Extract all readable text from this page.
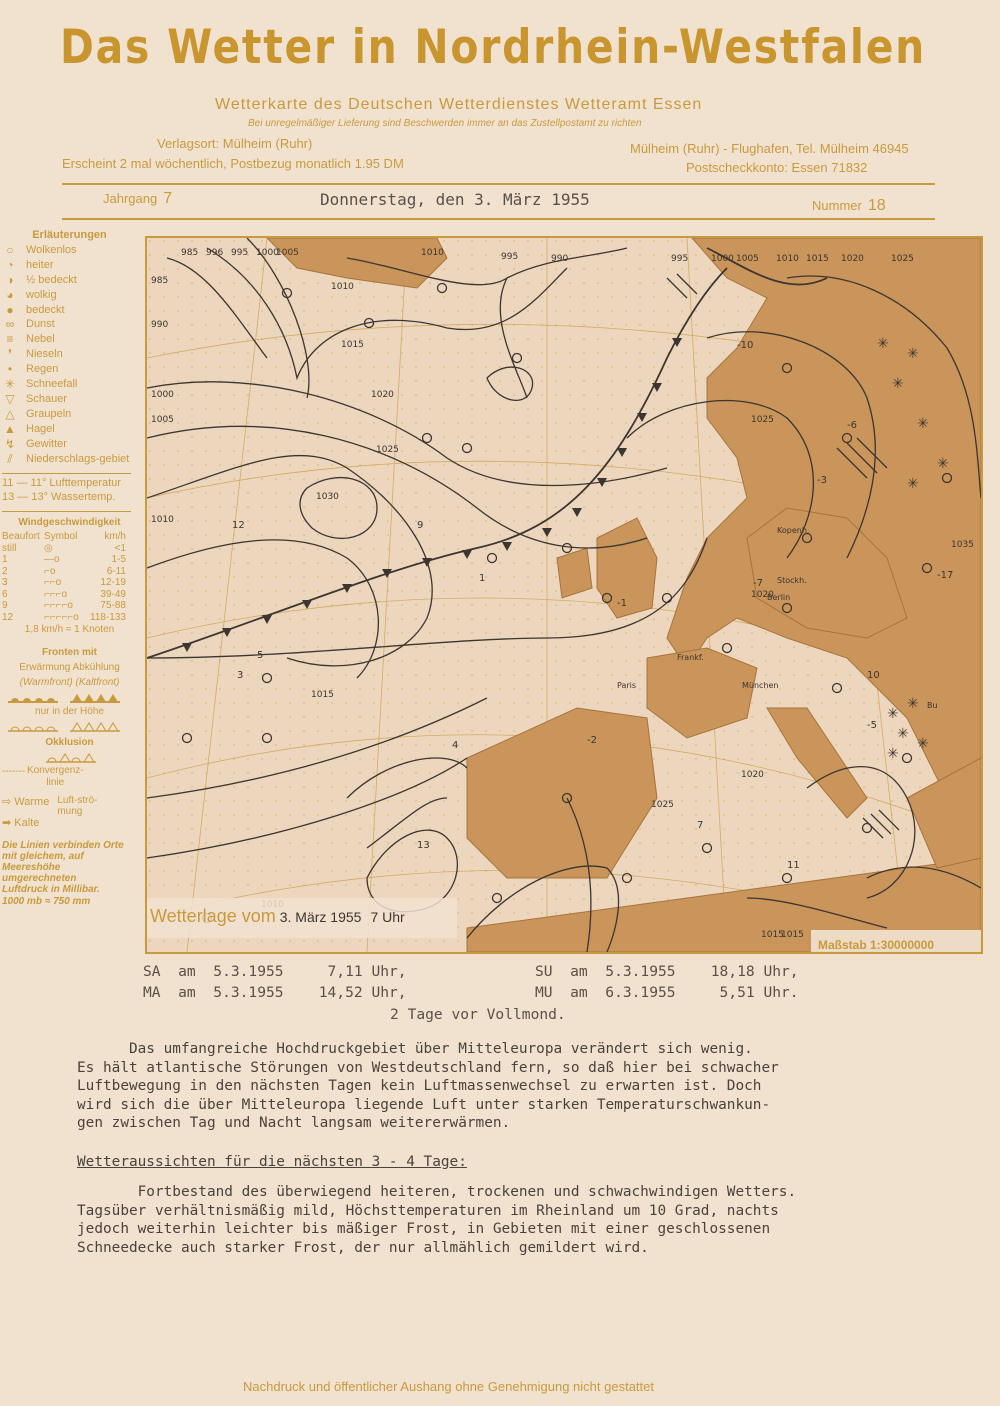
Das Wetter in Nordrhein-Westfalen
Wetterkarte des Deutschen Wetterdienstes Wetteramt Essen
Bei unregelmäßiger Lieferung sind Beschwerden immer an das Zustellpostamt zu richten
Verlagsort: Mülheim (Ruhr)
Erscheint 2 mal wöchentlich, Postbezug monatlich 1.95 DM
Mülheim (Ruhr) - Flughafen, Tel. Mülheim 46945
Postscheckkonto: Essen 71832
Jahrgang 7	Donnerstag, den 3. März 1955	Nummer 18
Erläuterungen
○	Wolkenlos
◔	heiter
◑	½ bedeckt
◕	wolkig
●	bedeckt
∞	Dunst
≡	Nebel
❜	Nieseln
•	Regen
✳ Schneefall
▽	Schauer
△	Graupeln
▲ Hagel
↯ Gewitter
⫽	Niederschlags-gebiet
11 — 11° Lufttemperatur
13 — 13° Wassertemp.
Windgeschwindigkeit
Beaufort Symbol	km/h
still	◎	<1
1	—o	1-5
2	⌐o	6-11
3	⌐⌐o	12-19
6	⌐⌐⌐o	39-49
9	⌐⌐⌐⌐o	75-88
12	⌐⌐⌐⌐⌐o	118-133
1,8 km/h ≈ 1 Knoten
Fronten mit
Erwärmung Abkühlung
(Warmfront) (Kaltfront)
nur in der Höhe
Okklusion
------- Konvergenz-linie
⇨ Warme
➡ Kalte
Luft-strö-mung
Die Linien verbinden Orte mit gleichem, auf Meereshöhe umgerechneten Luftdruck in Millibar.
1000 mb ≈ 750 mm
✳
✳
✳
✳
✳
✳
✳
✳
✳
✳
✳
985 996 995 1000
1005	1010	995	990	995	1000 1005 1010 1015 1020	1025
985
1010
990
1015
1000	1020
1005
1025
1030
1010
1015
1020
1025
1035
1025
1020
1015
1015
-10
-6
-3
-7
-1
-2
1
9
12
5
3
4
7
11
13
10
-5
-17
Stockh.
Kopenh.
Berlin
Frankf.
München
Paris
Bu
Wetterlage vom 3. März 1955 7 Uhr
Maßstab 1:30000000
SA  am  5.3.1955     7,11 Uhr,	SU  am  5.3.1955    18,18 Uhr,
MA  am  5.3.1955    14,52 Uhr,	MU  am  6.3.1955     5,51 Uhr.
2 Tage vor Vollmond.
Das umfangreiche Hochdruckgebiet über Mitteleuropa verändert sich wenig.
Es hält atlantische Störungen von Westdeutschland fern, so daß hier bei schwacher
Luftbewegung in den nächsten Tagen kein Luftmassenwechsel zu erwarten ist. Doch
wird sich die über Mitteleuropa liegende Luft unter starken Temperaturschwankun-
gen zwischen Tag und Nacht langsam weitererwärmen.
Wetteraussichten für die nächsten 3 - 4 Tage:
Fortbestand des überwiegend heiteren, trockenen und schwachwindigen Wetters.
Tagsüber verhältnismäßig mild, Höchsttemperaturen im Rheinland um 10 Grad, nachts
jedoch weiterhin leichter bis mäßiger Frost, in Gebieten mit einer geschlossenen
Schneedecke auch starker Frost, der nur allmählich gemildert wird.
Nachdruck und öffentlicher Aushang ohne Genehmigung nicht gestattet
